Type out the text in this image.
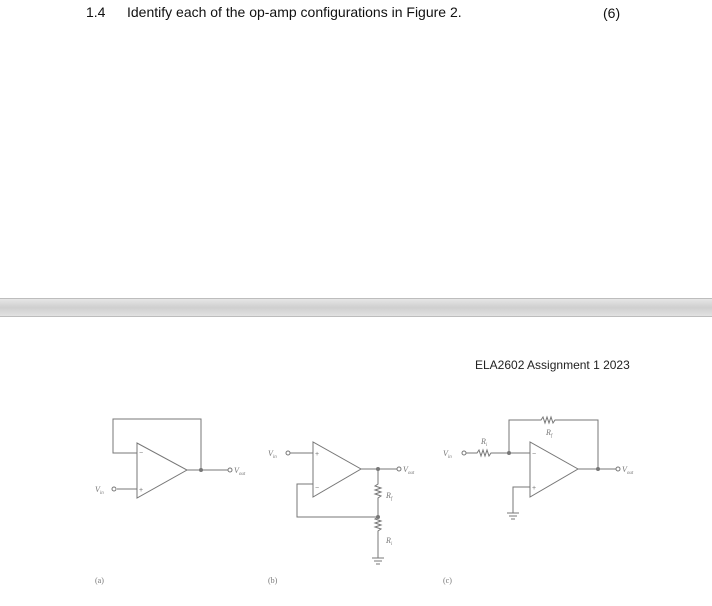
1.4 Identify each of the op-amp configurations in Figure 2.	(6)
ELA2602 Assignment 1 2023
−
+
$V_{in}$
$V_{out}$
(a)
+
−
$V_{in}$
$V_{out}$
$R_f$
$R_i$
(b)
−
+
$V_{in}$
$R_i$
$R_f$
$V_{out}$
(c)
